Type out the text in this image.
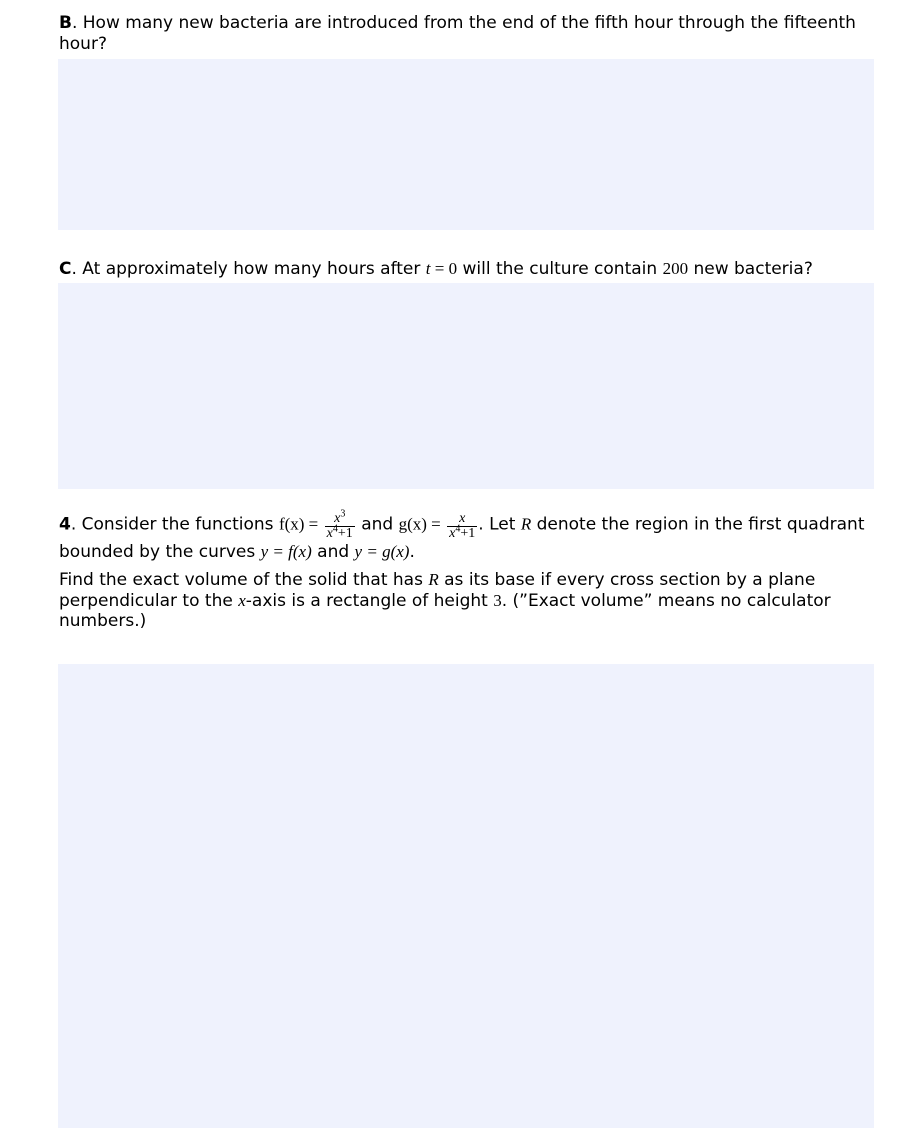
B. How many new bacteria are introduced from the end of the fifth hour through the fifteenth hour?
C. At approximately how many hours after t = 0 will the culture contain 200 new bacteria?
4. Consider the functions $f(x) = \frac{x^3}{x^4+1}$ and $g(x) = \frac{x}{x^4+1}$ . Let R denote the region in the first quadrant bounded by the curves y = f(x) and y = g(x).
Find the exact volume of the solid that has R as its base if every cross section by a plane perpendicular to the x-axis is a rectangle of height 3. (”Exact volume” means no calculator numbers.)
